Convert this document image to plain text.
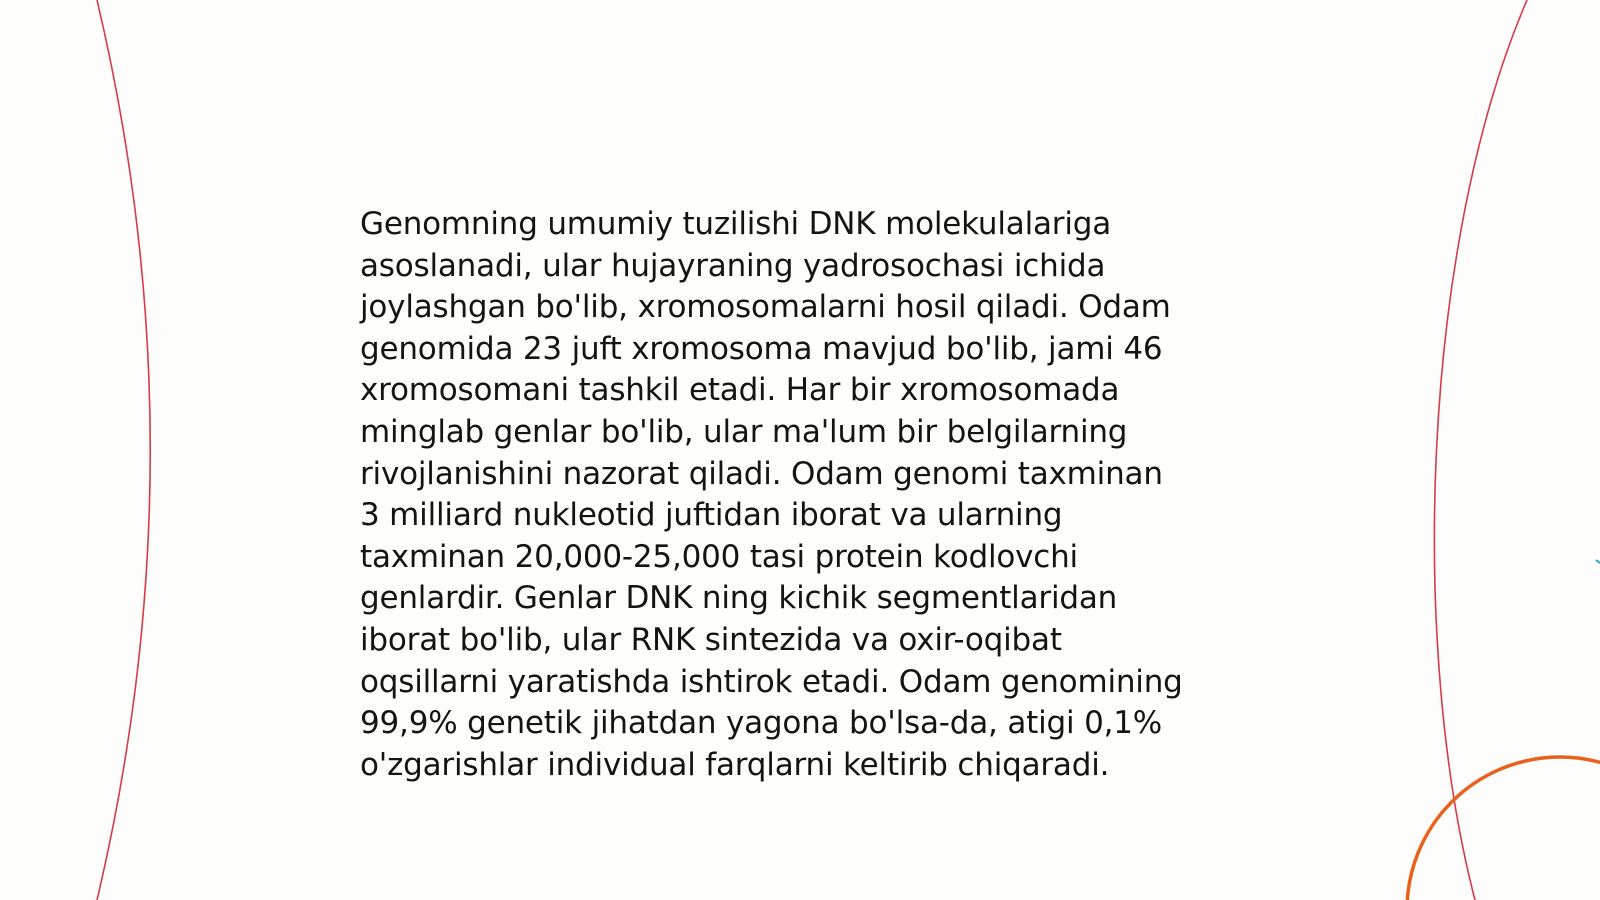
Genomning umumiy tuzilishi DNK molekulalariga
asoslanadi, ular hujayraning yadrosochasi ichida
joylashgan bo'lib, xromosomalarni hosil qiladi. Odam
genomida 23 juft xromosoma mavjud bo'lib, jami 46
xromosomani tashkil etadi. Har bir xromosomada
minglab genlar bo'lib, ular ma'lum bir belgilarning
rivojlanishini nazorat qiladi. Odam genomi taxminan
3 milliard nukleotid juftidan iborat va ularning
taxminan 20,000-25,000 tasi protein kodlovchi
genlardir. Genlar DNK ning kichik segmentlaridan
iborat bo'lib, ular RNK sintezida va oxir-oqibat
oqsillarni yaratishda ishtirok etadi. Odam genomining
99,9% genetik jihatdan yagona bo'lsa-da, atigi 0,1%
o'zgarishlar individual farqlarni keltirib chiqaradi.
